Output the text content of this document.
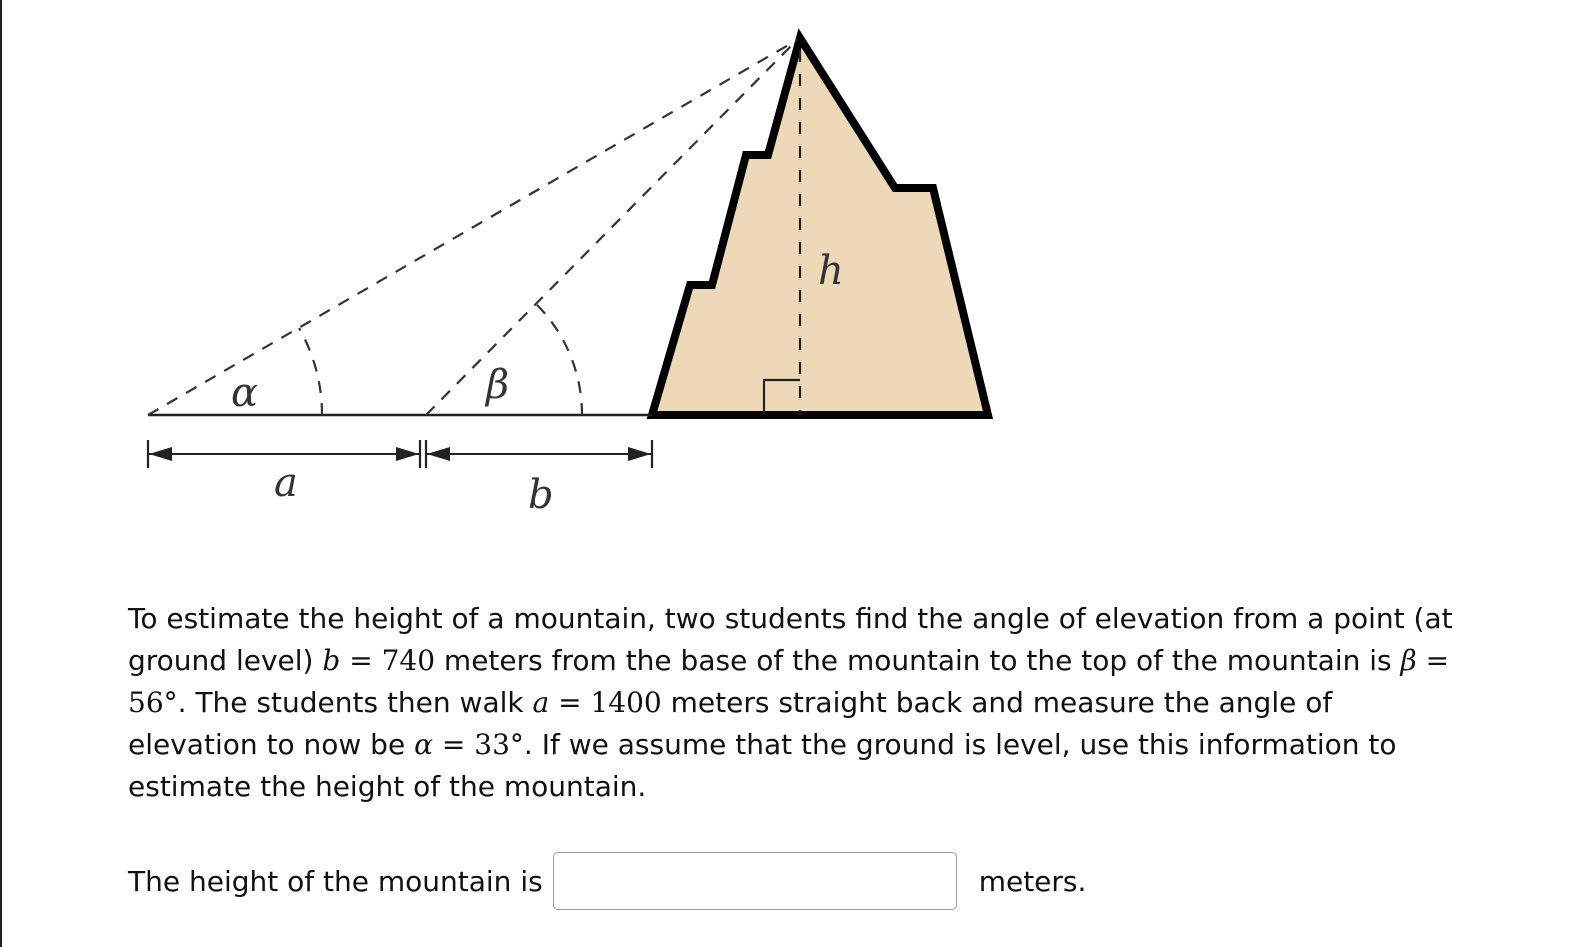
α	β
h
a	b
To estimate the height of a mountain, two students find the angle of elevation from a point (at ground level) b = 740 meters from the base of the mountain to the top of the mountain is β = 56°. The students then walk a = 1400 meters straight back and measure the angle of elevation to now be α = 33°. If we assume that the ground is level, use this information to estimate the height of the mountain.
The height of the mountain is	meters.
